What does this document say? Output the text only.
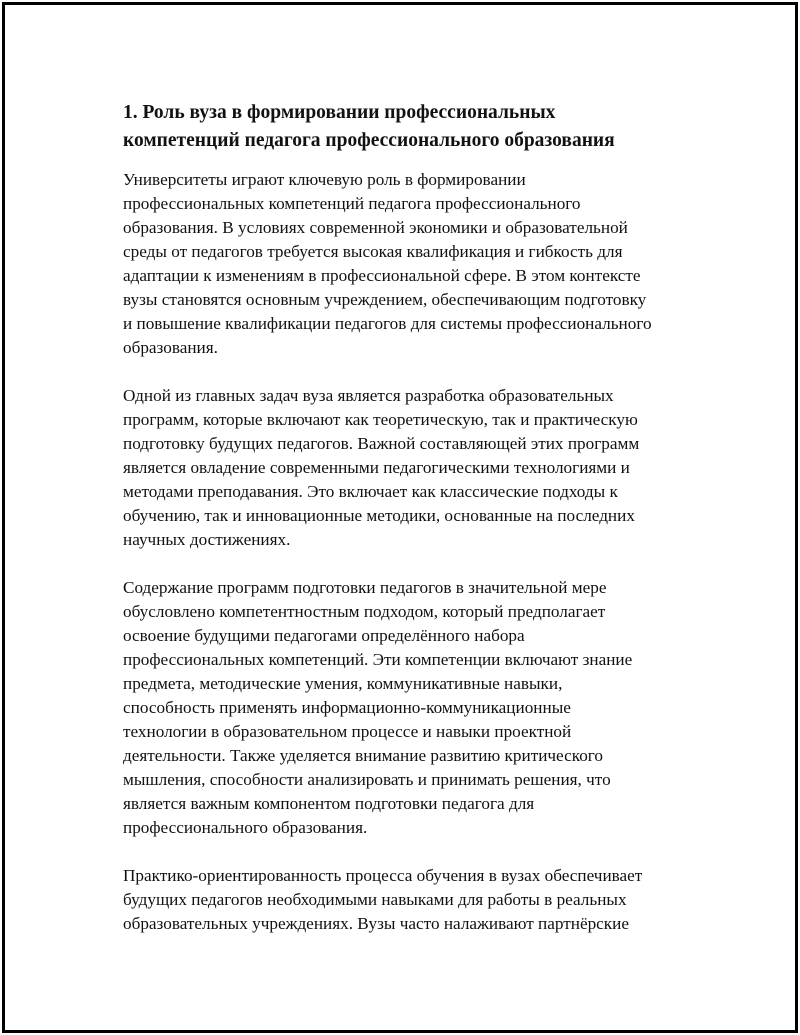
1. Роль вуза в формировании профессиональных
компетенций педагога профессионального образования

Университеты играют ключевую роль в формировании
профессиональных компетенций педагога профессионального
образования. В условиях современной экономики и образовательной
среды от педагогов требуется высокая квалификация и гибкость для
адаптации к изменениям в профессиональной сфере. В этом контексте
вузы становятся основным учреждением, обеспечивающим подготовку
и повышение квалификации педагогов для системы профессионального
образования.

Одной из главных задач вуза является разработка образовательных
программ, которые включают как теоретическую, так и практическую
подготовку будущих педагогов. Важной составляющей этих программ
является овладение современными педагогическими технологиями и
методами преподавания. Это включает как классические подходы к
обучению, так и инновационные методики, основанные на последних
научных достижениях.

Содержание программ подготовки педагогов в значительной мере
обусловлено компетентностным подходом, который предполагает
освоение будущими педагогами определённого набора
профессиональных компетенций. Эти компетенции включают знание
предмета, методические умения, коммуникативные навыки,
способность применять информационно-коммуникационные
технологии в образовательном процессе и навыки проектной
деятельности. Также уделяется внимание развитию критического
мышления, способности анализировать и принимать решения, что
является важным компонентом подготовки педагога для
профессионального образования.

Практико-ориентированность процесса обучения в вузах обеспечивает
будущих педагогов необходимыми навыками для работы в реальных
образовательных учреждениях. Вузы часто налаживают партнёрские
